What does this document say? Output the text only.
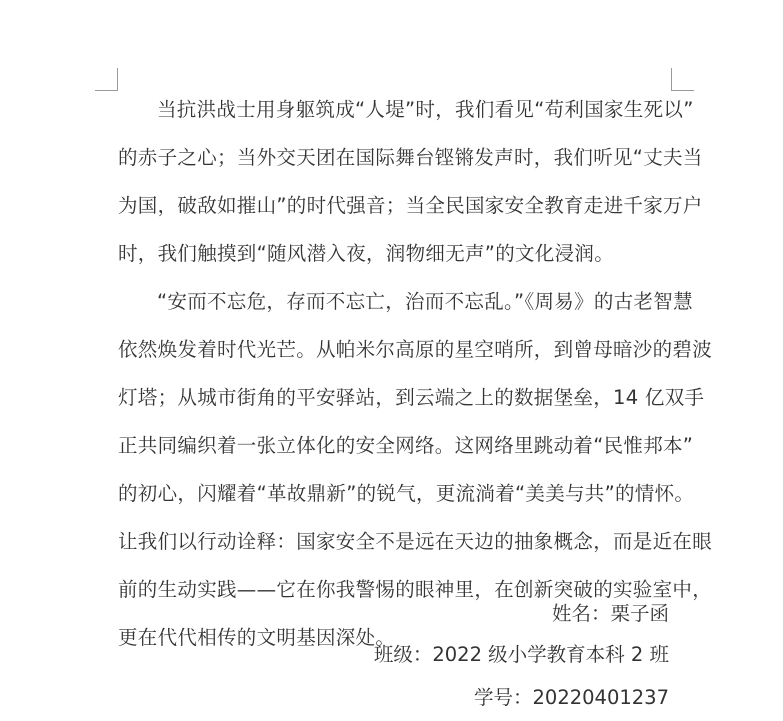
当抗洪战士用身躯筑成“人堤”时，我们看见“苟利国家生死以”
的赤子之心；当外交天团在国际舞台铿锵发声时，我们听见“丈夫当
为国，破敌如摧山”的时代强音；当全民国家安全教育走进千家万户
时，我们触摸到“随风潜入夜，润物细无声”的文化浸润。

“安而不忘危，存而不忘亡，治而不忘乱。”《周易》的古老智慧
依然焕发着时代光芒。从帕米尔高原的星空哨所，到曾母暗沙的碧波
灯塔；从城市街角的平安驿站，到云端之上的数据堡垒，14 亿双手
正共同编织着一张立体化的安全网络。这网络里跳动着“民惟邦本”
的初心，闪耀着“革故鼎新”的锐气，更流淌着“美美与共”的情怀。
让我们以行动诠释：国家安全不是远在天边的抽象概念，而是近在眼
前的生动实践——它在你我警惕的眼神里，在创新突破的实验室中，
更在代代相传的文明基因深处。

姓名：栗子函
班级：2022 级小学教育本科 2 班
学号：20220401237
